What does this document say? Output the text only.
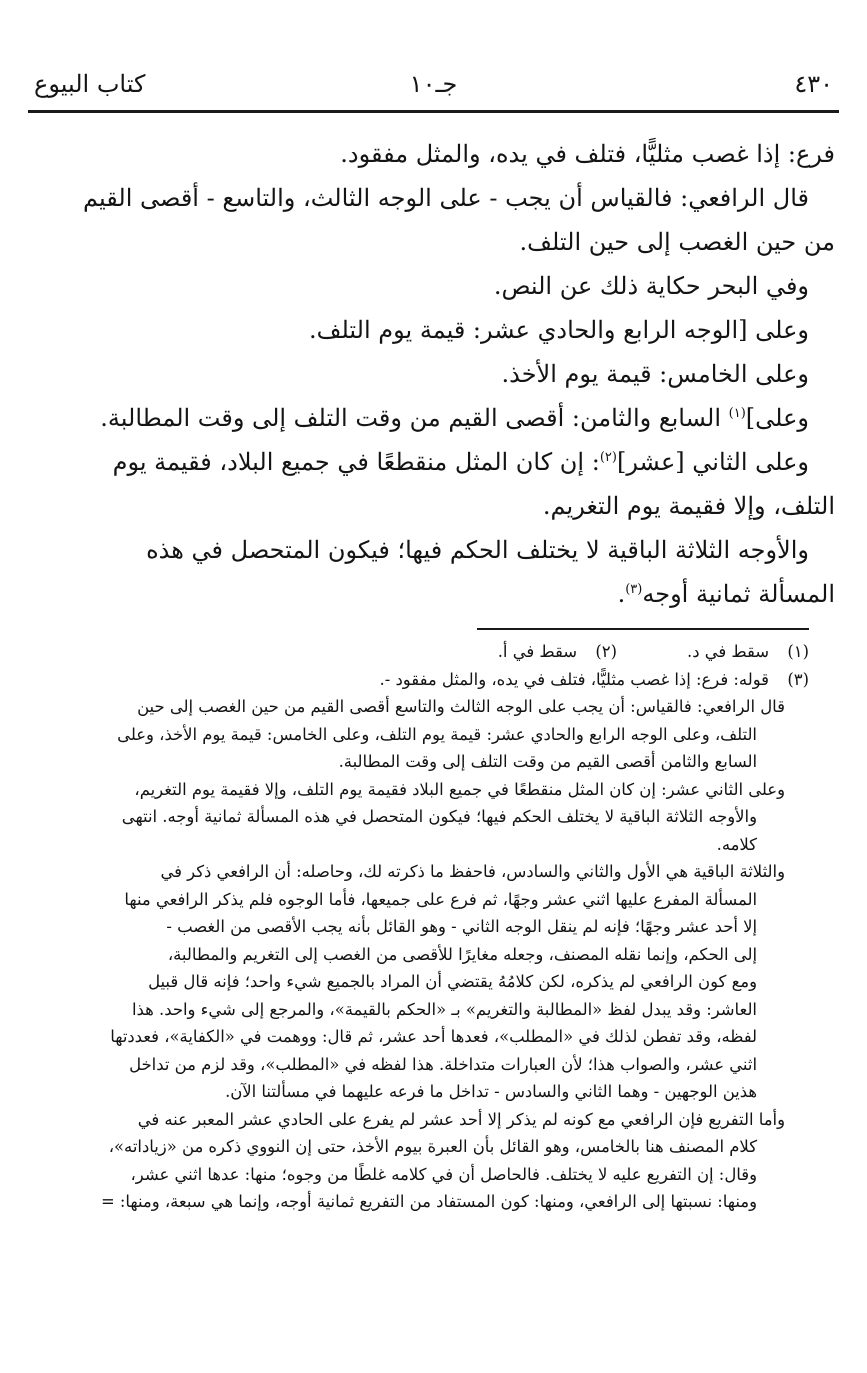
٤٣٠
جـ١٠
كتاب البيوع

فرع: إذا غصب مثليًّا، فتلف في يده، والمثل مفقود.

قال الرافعي: فالقياس أن يجب - على الوجه الثالث، والتاسع - أقصى القيم

من حين الغصب إلى حين التلف.

وفي البحر حكاية ذلك عن النص.

وعلى [الوجه الرابع والحادي عشر: قيمة يوم التلف.

وعلى الخامس: قيمة يوم الأخذ.

وعلى]$^{(١)}$ السابع والثامن: أقصى القيم من وقت التلف إلى وقت المطالبة.

وعلى الثاني [عشر]$^{(٢)}$: إن كان المثل منقطعًا في جميع البلاد، فقيمة يوم

التلف، وإلا فقيمة يوم التغريم.

والأوجه الثلاثة الباقية لا يختلف الحكم فيها؛ فيكون المتحصل في هذه

المسألة ثمانية أوجه$^{(٣)}$.

(١)سقط في د.(٢)سقط في أ.

(٣)قوله: فرع: إذا غصب مثليًّا، فتلف في يده، والمثل مفقود -.

قال الرافعي: فالقياس: أن يجب على الوجه الثالث والتاسع أقصى القيم من حين الغصب إلى حين

التلف، وعلى الوجه الرابع والحادي عشر: قيمة يوم التلف، وعلى الخامس: قيمة يوم الأخذ، وعلى

السابع والثامن أقصى القيم من وقت التلف إلى وقت المطالبة.

وعلى الثاني عشر: إن كان المثل منقطعًا في جميع البلاد فقيمة يوم التلف، وإلا فقيمة يوم التغريم،

والأوجه الثلاثة الباقية لا يختلف الحكم فيها؛ فيكون المتحصل في هذه المسألة ثمانية أوجه. انتهى

كلامه.

والثلاثة الباقية هي الأول والثاني والسادس، فاحفظ ما ذكرته لك، وحاصله: أن الرافعي ذكر في

المسألة المفرع عليها اثني عشر وجهًا، ثم فرع على جميعها، فأما الوجوه فلم يذكر الرافعي منها

إلا أحد عشر وجهًا؛ فإنه لم ينقل الوجه الثاني - وهو القائل بأنه يجب الأقصى من الغصب -

إلى الحكم، وإنما نقله المصنف، وجعله مغايرًا للأقصى من الغصب إلى التغريم والمطالبة،

ومع كون الرافعي لم يذكره، لكن كلامُهُ يقتضي أن المراد بالجميع شيء واحد؛ فإنه قال قبيل

العاشر: وقد يبدل لفظ «المطالبة والتغريم» بـ «الحكم بالقيمة»، والمرجع إلى شيء واحد. هذا

لفظه، وقد تفطن لذلك في «المطلب»، فعدها أحد عشر، ثم قال: ووهمت في «الكفاية»، فعددتها

اثني عشر، والصواب هذا؛ لأن العبارات متداخلة. هذا لفظه في «المطلب»، وقد لزم من تداخل

هذين الوجهين - وهما الثاني والسادس - تداخل ما فرعه عليهما في مسألتنا الآن.

وأما التفريع فإن الرافعي مع كونه لم يذكر إلا أحد عشر لم يفرع على الحادي عشر المعبر عنه في

كلام المصنف هنا بالخامس، وهو القائل بأن العبرة بيوم الأخذ، حتى إن النووي ذكره من «زياداته»،

وقال: إن التفريع عليه لا يختلف. فالحاصل أن في كلامه غلطًا من وجوه؛ منها: عدها اثني عشر،

ومنها: نسبتها إلى الرافعي، ومنها: كون المستفاد من التفريع ثمانية أوجه، وإنما هي سبعة، ومنها: =
